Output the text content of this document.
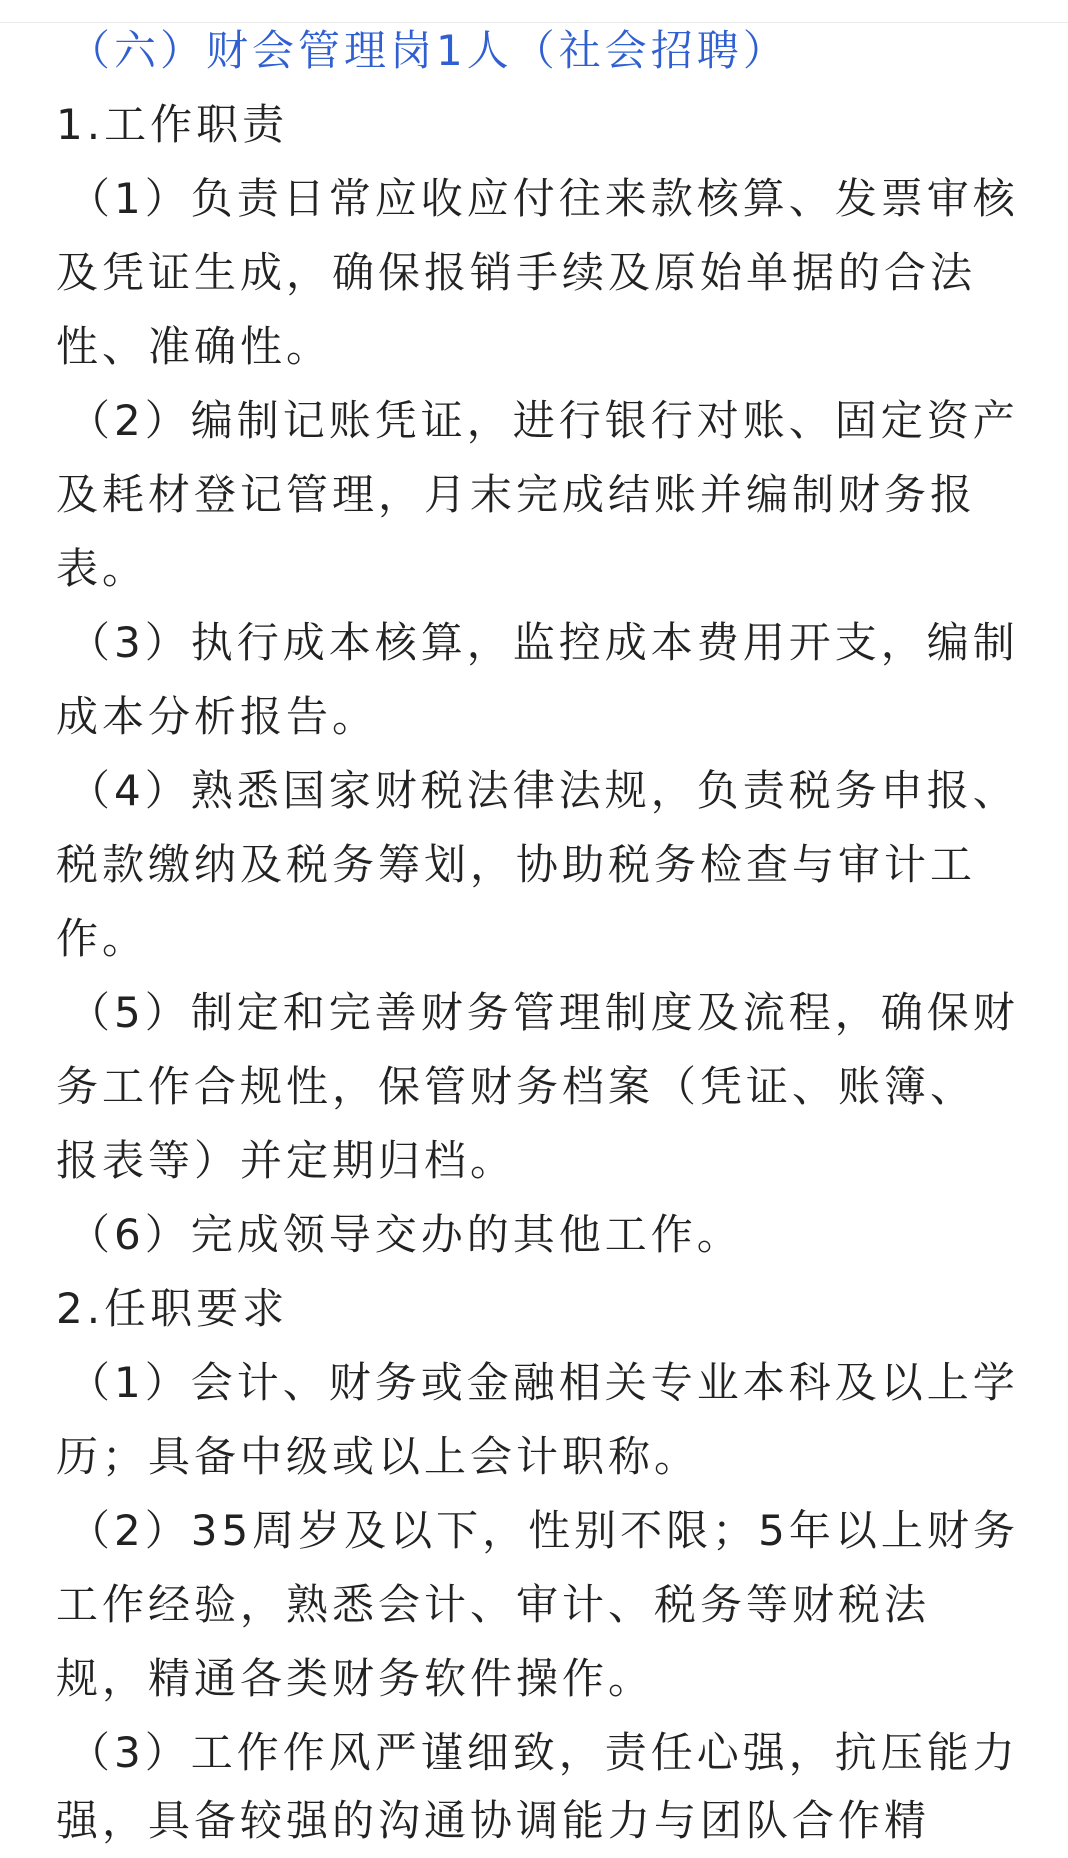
（六）财会管理岗1人（社会招聘）
1.工作职责
（1）负责日常应收应付往来款核算、发票审核
及凭证生成，确保报销手续及原始单据的合法
性、准确性。
（2）编制记账凭证，进行银行对账、固定资产
及耗材登记管理，月末完成结账并编制财务报
表。
（3）执行成本核算，监控成本费用开支，编制
成本分析报告。
（4）熟悉国家财税法律法规，负责税务申报、
税款缴纳及税务筹划，协助税务检查与审计工
作。
（5）制定和完善财务管理制度及流程，确保财
务工作合规性，保管财务档案（凭证、账簿、
报表等）并定期归档。
（6）完成领导交办的其他工作。
2.任职要求
（1）会计、财务或金融相关专业本科及以上学
历；具备中级或以上会计职称。
（2）35周岁及以下，性别不限；5年以上财务
工作经验，熟悉会计、审计、税务等财税法
规，精通各类财务软件操作。
（3）工作作风严谨细致，责任心强，抗压能力
强，具备较强的沟通协调能力与团队合作精
